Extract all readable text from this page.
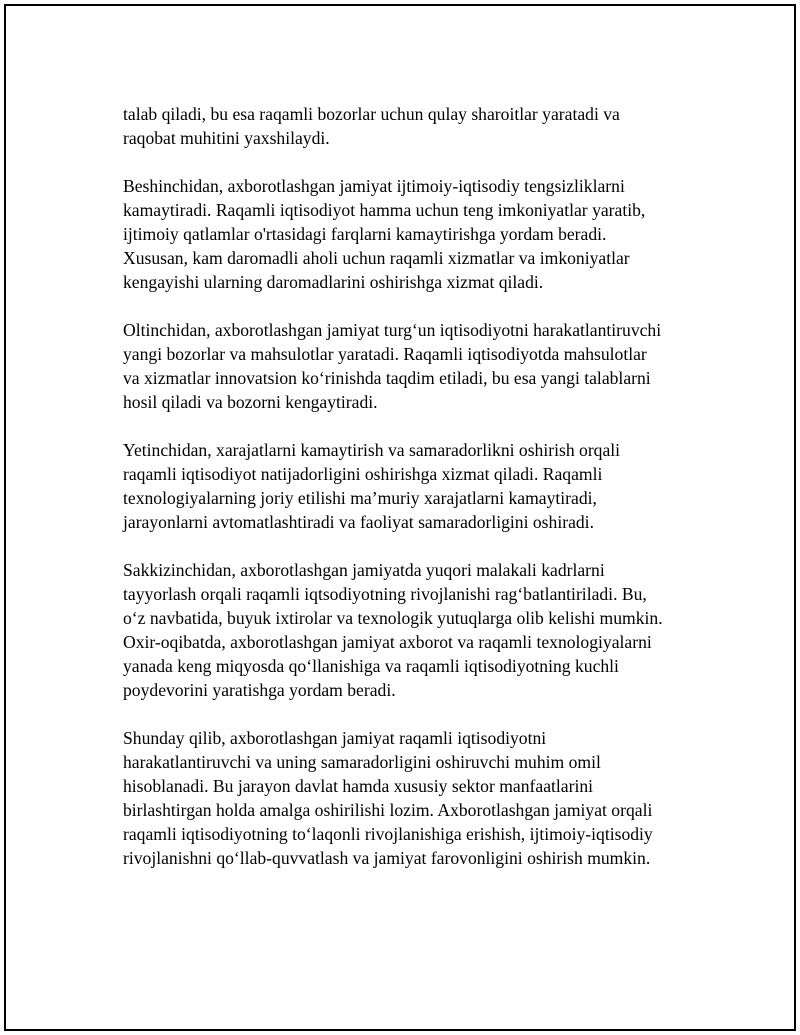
talab qiladi, bu esa raqamli bozorlar uchun qulay sharoitlar yaratadi va
raqobat muhitini yaxshilaydi.

Beshinchidan, axborotlashgan jamiyat ijtimoiy-iqtisodiy tengsizliklarni
kamaytiradi. Raqamli iqtisodiyot hamma uchun teng imkoniyatlar yaratib,
ijtimoiy qatlamlar o'rtasidagi farqlarni kamaytirishga yordam beradi.
Xususan, kam daromadli aholi uchun raqamli xizmatlar va imkoniyatlar
kengayishi ularning daromadlarini oshirishga xizmat qiladi.

Oltinchidan, axborotlashgan jamiyat turg‘un iqtisodiyotni harakatlantiruvchi
yangi bozorlar va mahsulotlar yaratadi. Raqamli iqtisodiyotda mahsulotlar
va xizmatlar innovatsion ko‘rinishda taqdim etiladi, bu esa yangi talablarni
hosil qiladi va bozorni kengaytiradi.

Yetinchidan, xarajatlarni kamaytirish va samaradorlikni oshirish orqali
raqamli iqtisodiyot natijadorligini oshirishga xizmat qiladi. Raqamli
texnologiyalarning joriy etilishi ma’muriy xarajatlarni kamaytiradi,
jarayonlarni avtomatlashtiradi va faoliyat samaradorligini oshiradi.

Sakkizinchidan, axborotlashgan jamiyatda yuqori malakali kadrlarni
tayyorlash orqali raqamli iqtsodiyotning rivojlanishi rag‘batlantiriladi. Bu,
o‘z navbatida, buyuk ixtirolar va texnologik yutuqlarga olib kelishi mumkin.
Oxir-oqibatda, axborotlashgan jamiyat axborot va raqamli texnologiyalarni
yanada keng miqyosda qo‘llanishiga va raqamli iqtisodiyotning kuchli
poydevorini yaratishga yordam beradi.

Shunday qilib, axborotlashgan jamiyat raqamli iqtisodiyotni
harakatlantiruvchi va uning samaradorligini oshiruvchi muhim omil
hisoblanadi. Bu jarayon davlat hamda xususiy sektor manfaatlarini
birlashtirgan holda amalga oshirilishi lozim. Axborotlashgan jamiyat orqali
raqamli iqtisodiyotning to‘laqonli rivojlanishiga erishish, ijtimoiy-iqtisodiy
rivojlanishni qo‘llab-quvvatlash va jamiyat farovonligini oshirish mumkin.
